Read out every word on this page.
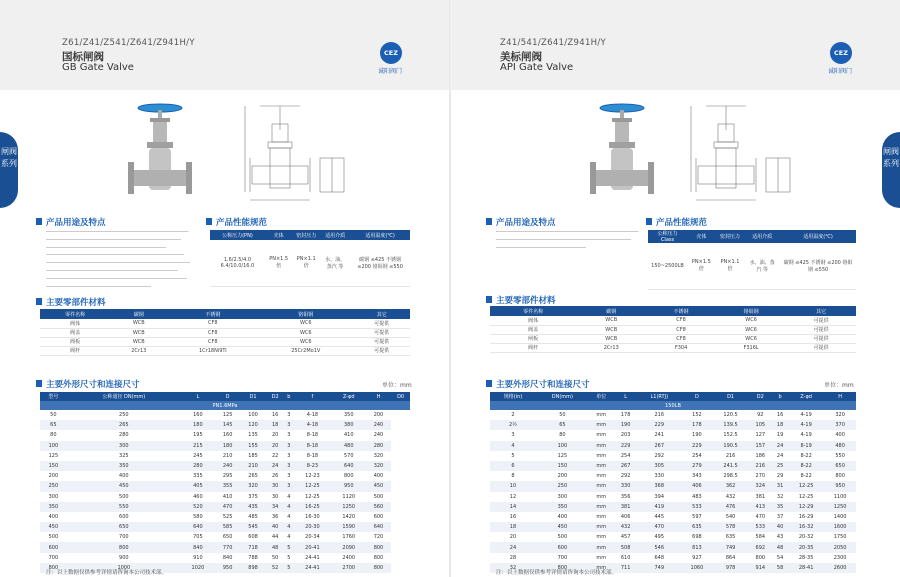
Z61/Z41/Z541/Z641/Z941H/Y
国标闸阀
GB Gate Valve
CEZ
诚阳阀门
闸阀系列
产品用途及特点	产品性能规范
公称压力(PN)	壳体	密封压力	适用介质	适用温度(℃)
1.6/2.5/4.0 6.4/10.0/16.0	PN×1.5倍	PN×1.1倍	水、油、蒸汽 等	碳钢 ≤425 不锈钢 ≤200 铬钼钢 ≤550
主要零部件材料
零件名称	碳钢	不锈钢	铬钼钢	其它
阀体	WCB	CF8	WC6	可提供
阀盖	WCB	CF8	WC6	可提供
阀板	WCB	CF8	WC6	可提供
阀杆	2Cr13	1Cr18Ni9Ti	25Cr2Mo1V	可提供
主要外形尺寸和连接尺寸	单位：mm
型号	公称通径 DN(mm)	L	D	D1	D2	b	f	Z-φd	H	D0
PN1.6MPa										
50	250	160	125	100	16	3	4-18	350	200	
65	265	180	145	120	18	3	4-18	380	240	
80	280	195	160	135	20	3	8-18	410	240	
100	300	215	180	155	20	3	8-18	480	280	
125	325	245	210	185	22	3	8-18	570	320	
150	350	280	240	210	24	3	8-23	640	320	
200	400	335	295	265	26	3	12-23	800	400	
250	450	405	355	320	30	3	12-25	950	450	
300	500	460	410	375	30	4	12-25	1120	500	
350	550	520	470	435	34	4	16-25	1250	560	
400	600	580	525	485	36	4	16-30	1420	600	
450	650	640	585	545	40	4	20-30	1590	640	
500	700	705	650	608	44	4	20-34	1760	720	
600	800	840	770	718	48	5	20-41	2090	800	
700	900	910	840	788	50	5	24-41	2400	800	
800	1000	1020	950	898	52	5	24-41	2700	800	
注：以上数据仅供参考详情请咨询本公司技术部。
Z41/541/Z641/Z941H/Y
美标闸阀
API Gate Valve
CEZ
诚阳阀门
闸阀系列
产品用途及特点	产品性能规范
公称压力Class	壳体	密封压力	适用介质	适用温度(℃)
150~2500LB	PN×1.5倍	PN×1.1倍	水、油、蒸汽 等	碳钢 ≤425 不锈钢 ≤200 铬钼钢 ≤550
主要零部件材料
零件名称	碳钢	不锈钢	铬钼钢	其它
阀体	WCB	CF8	WC6	可提供
阀盖	WCB	CF8	WC6	可提供
闸板	WCB	CF8	WC6	可提供
阀杆	2Cr13	F304	F316L	可提供
主要外形尺寸和连接尺寸	单位：mm
规格(in)	DN(mm)	单位	L	L1(RTJ)	D	D1	D2	b	Z-φd	H
150LB										
2	50	mm	178	216	152	120.5	92	16	4-19	320
2½	65	mm	190	229	178	139.5	105	18	4-19	370
3	80	mm	203	241	190	152.5	127	19	4-19	400
4	100	mm	229	267	229	190.5	157	24	8-19	480
5	125	mm	254	292	254	216	186	24	8-22	550
6	150	mm	267	305	279	241.5	216	25	8-22	650
8	200	mm	292	330	343	298.5	270	29	8-22	800
10	250	mm	330	368	406	362	324	31	12-25	950
12	300	mm	356	394	483	432	381	32	12-25	1100
14	350	mm	381	419	533	476	413	35	12-29	1250
16	400	mm	406	445	597	540	470	37	16-29	1400
18	450	mm	432	470	635	578	533	40	16-32	1600
20	500	mm	457	495	698	635	584	43	20-32	1750
24	600	mm	508	546	813	749	692	48	20-35	2050
28	700	mm	610	648	927	864	800	54	28-35	2300
32	800	mm	711	749	1060	978	914	58	28-41	2600
注：以上数据仅供参考详情请咨询本公司技术部。
